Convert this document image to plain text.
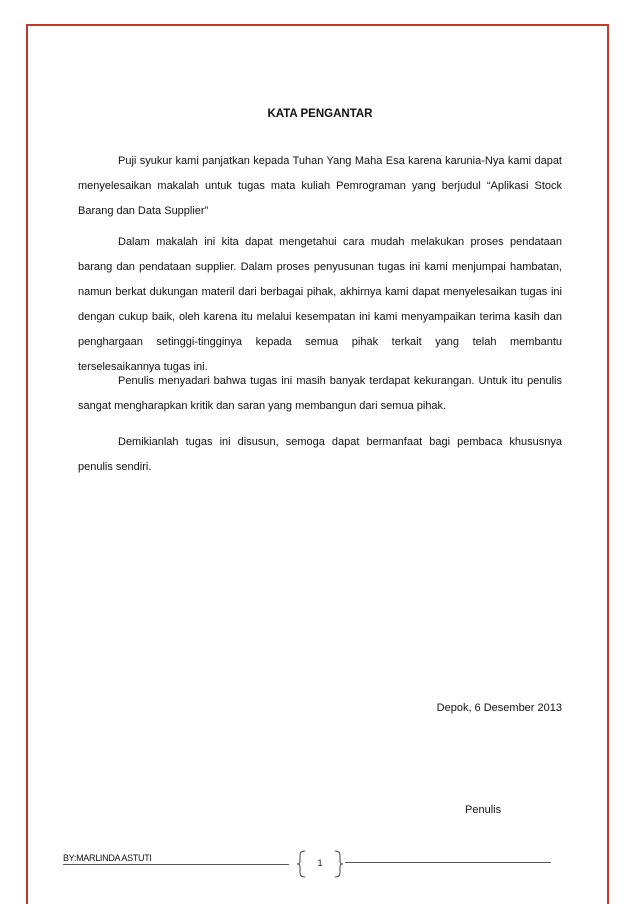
KATA PENGANTAR

Puji syukur kami panjatkan kepada Tuhan Yang Maha Esa karena karunia-Nya kami dapat menyelesaikan makalah untuk tugas mata kuliah Pemrograman yang berjudul “Aplikasi Stock Barang dan Data Supplier”

Dalam makalah ini kita dapat mengetahui cara mudah melakukan proses pendataan barang dan pendataan supplier. Dalam proses penyusunan tugas ini kami menjumpai hambatan, namun berkat dukungan materil dari berbagai pihak, akhirnya kami dapat menyelesaikan tugas ini dengan cukup baik, oleh karena itu melalui kesempatan ini kami menyampaikan terima kasih dan penghargaan setinggi-tingginya kepada semua pihak terkait yang telah membantu terselesaikannya tugas ini.

Penulis menyadari bahwa tugas ini masih banyak terdapat kekurangan. Untuk itu penulis sangat mengharapkan kritik dan saran yang membangun dari semua pihak.

Demikianlah tugas ini disusun, semoga dapat bermanfaat bagi pembaca khususnya penulis sendiri.

Depok, 6 Desember 2013
Penulis
BY:MARLINDA ASTUTI	1
